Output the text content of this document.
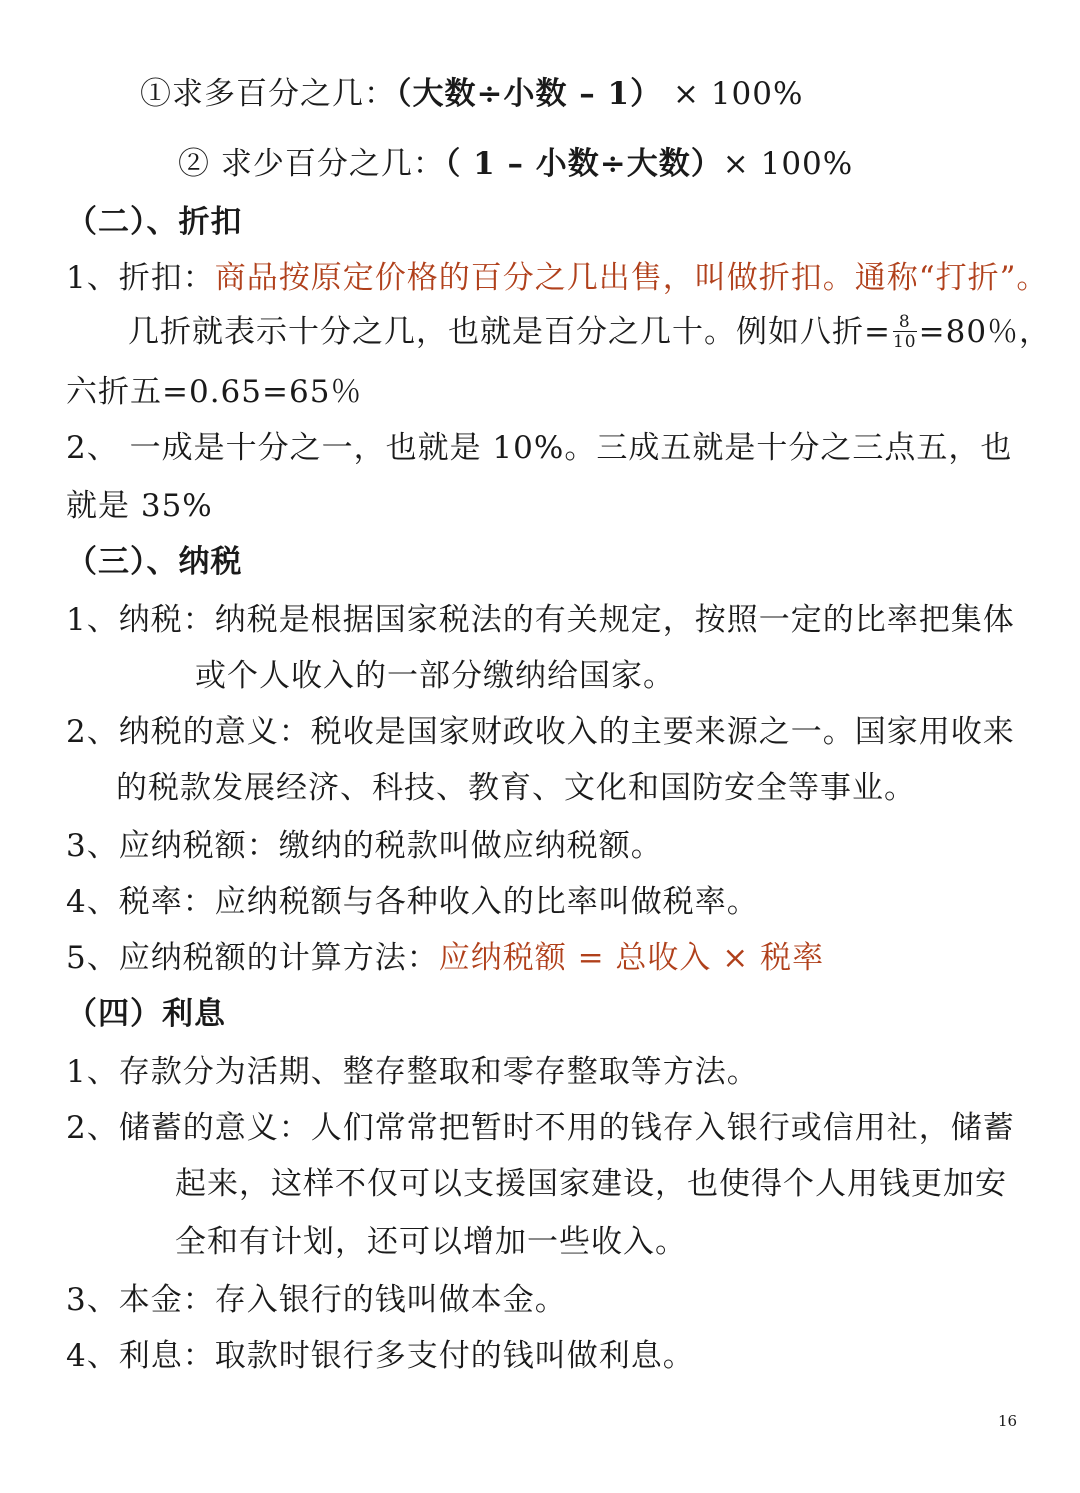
①求多百分之几：（大数÷小数 – 1） × 100%
② 求少百分之几：（ 1 – 小数÷大数）× 100%
（二）、折扣
1、折扣：商品按原定价格的百分之几出售，叫做折扣。通称“打折”。
几折就表示十分之几，也就是百分之几十。例如八折= $\frac{8}{10} =80$％，
六折五=0.65=65％
2、 一成是十分之一，也就是 10%。三成五就是十分之三点五，也
就是 35%
（三）、纳税
1、纳税：纳税是根据国家税法的有关规定，按照一定的比率把集体
或个人收入的一部分缴纳给国家。
2、纳税的意义：税收是国家财政收入的主要来源之一。国家用收来
的税款发展经济、科技、教育、文化和国防安全等事业。
3、应纳税额：缴纳的税款叫做应纳税额。
4、税率：应纳税额与各种收入的比率叫做税率。
5、应纳税额的计算方法：应纳税额 = 总收入 × 税率
（四）利息
1、存款分为活期、整存整取和零存整取等方法。
2、储蓄的意义：人们常常把暂时不用的钱存入银行或信用社，储蓄
起来，这样不仅可以支援国家建设，也使得个人用钱更加安
全和有计划，还可以增加一些收入。
3、本金：存入银行的钱叫做本金。
4、利息：取款时银行多支付的钱叫做利息。
16
